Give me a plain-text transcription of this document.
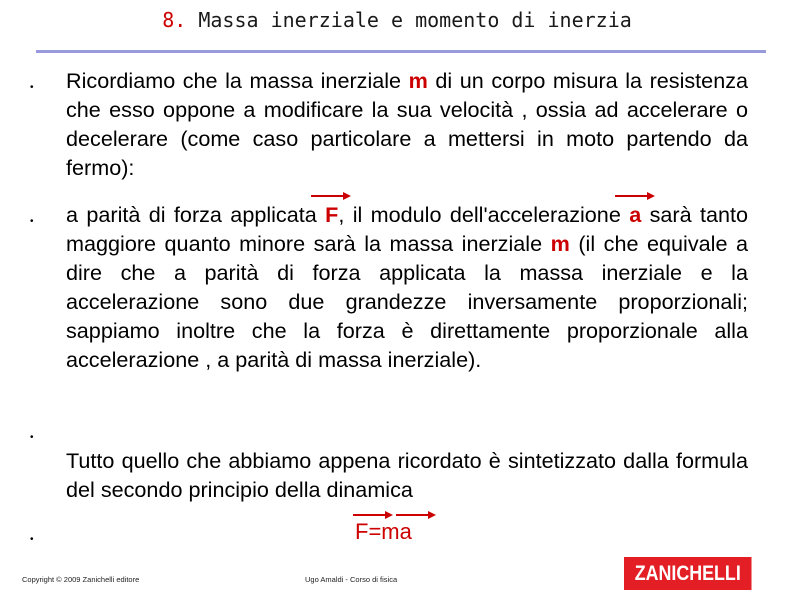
8. Massa inerziale e momento di inerzia
• Ricordiamo che la massa inerziale m di un corpo misura la resistenza che esso oppone a modificare la sua velocità , ossia ad accelerare o decelerare (come caso particolare a mettersi in moto partendo da fermo):
• a parità di forza applicata
F, il modulo dell'accelerazione
a sarà tanto maggiore quanto minore sarà la massa inerziale m (il che equivale a dire che a parità di forza applicata la massa inerziale e la accelerazione sono due grandezze inversamente proporzionali; sappiamo inoltre che la forza è direttamente proporzionale alla accelerazione , a parità di massa inerziale).
•
Tutto quello che abbiamo appena ricordato è sintetizzato dalla formula del secondo principio della dinamica
•	F=m
a
Copyright © 2009 Zanichelli editore	Ugo Amaldi - Corso di fisica	ZANICHELLI
